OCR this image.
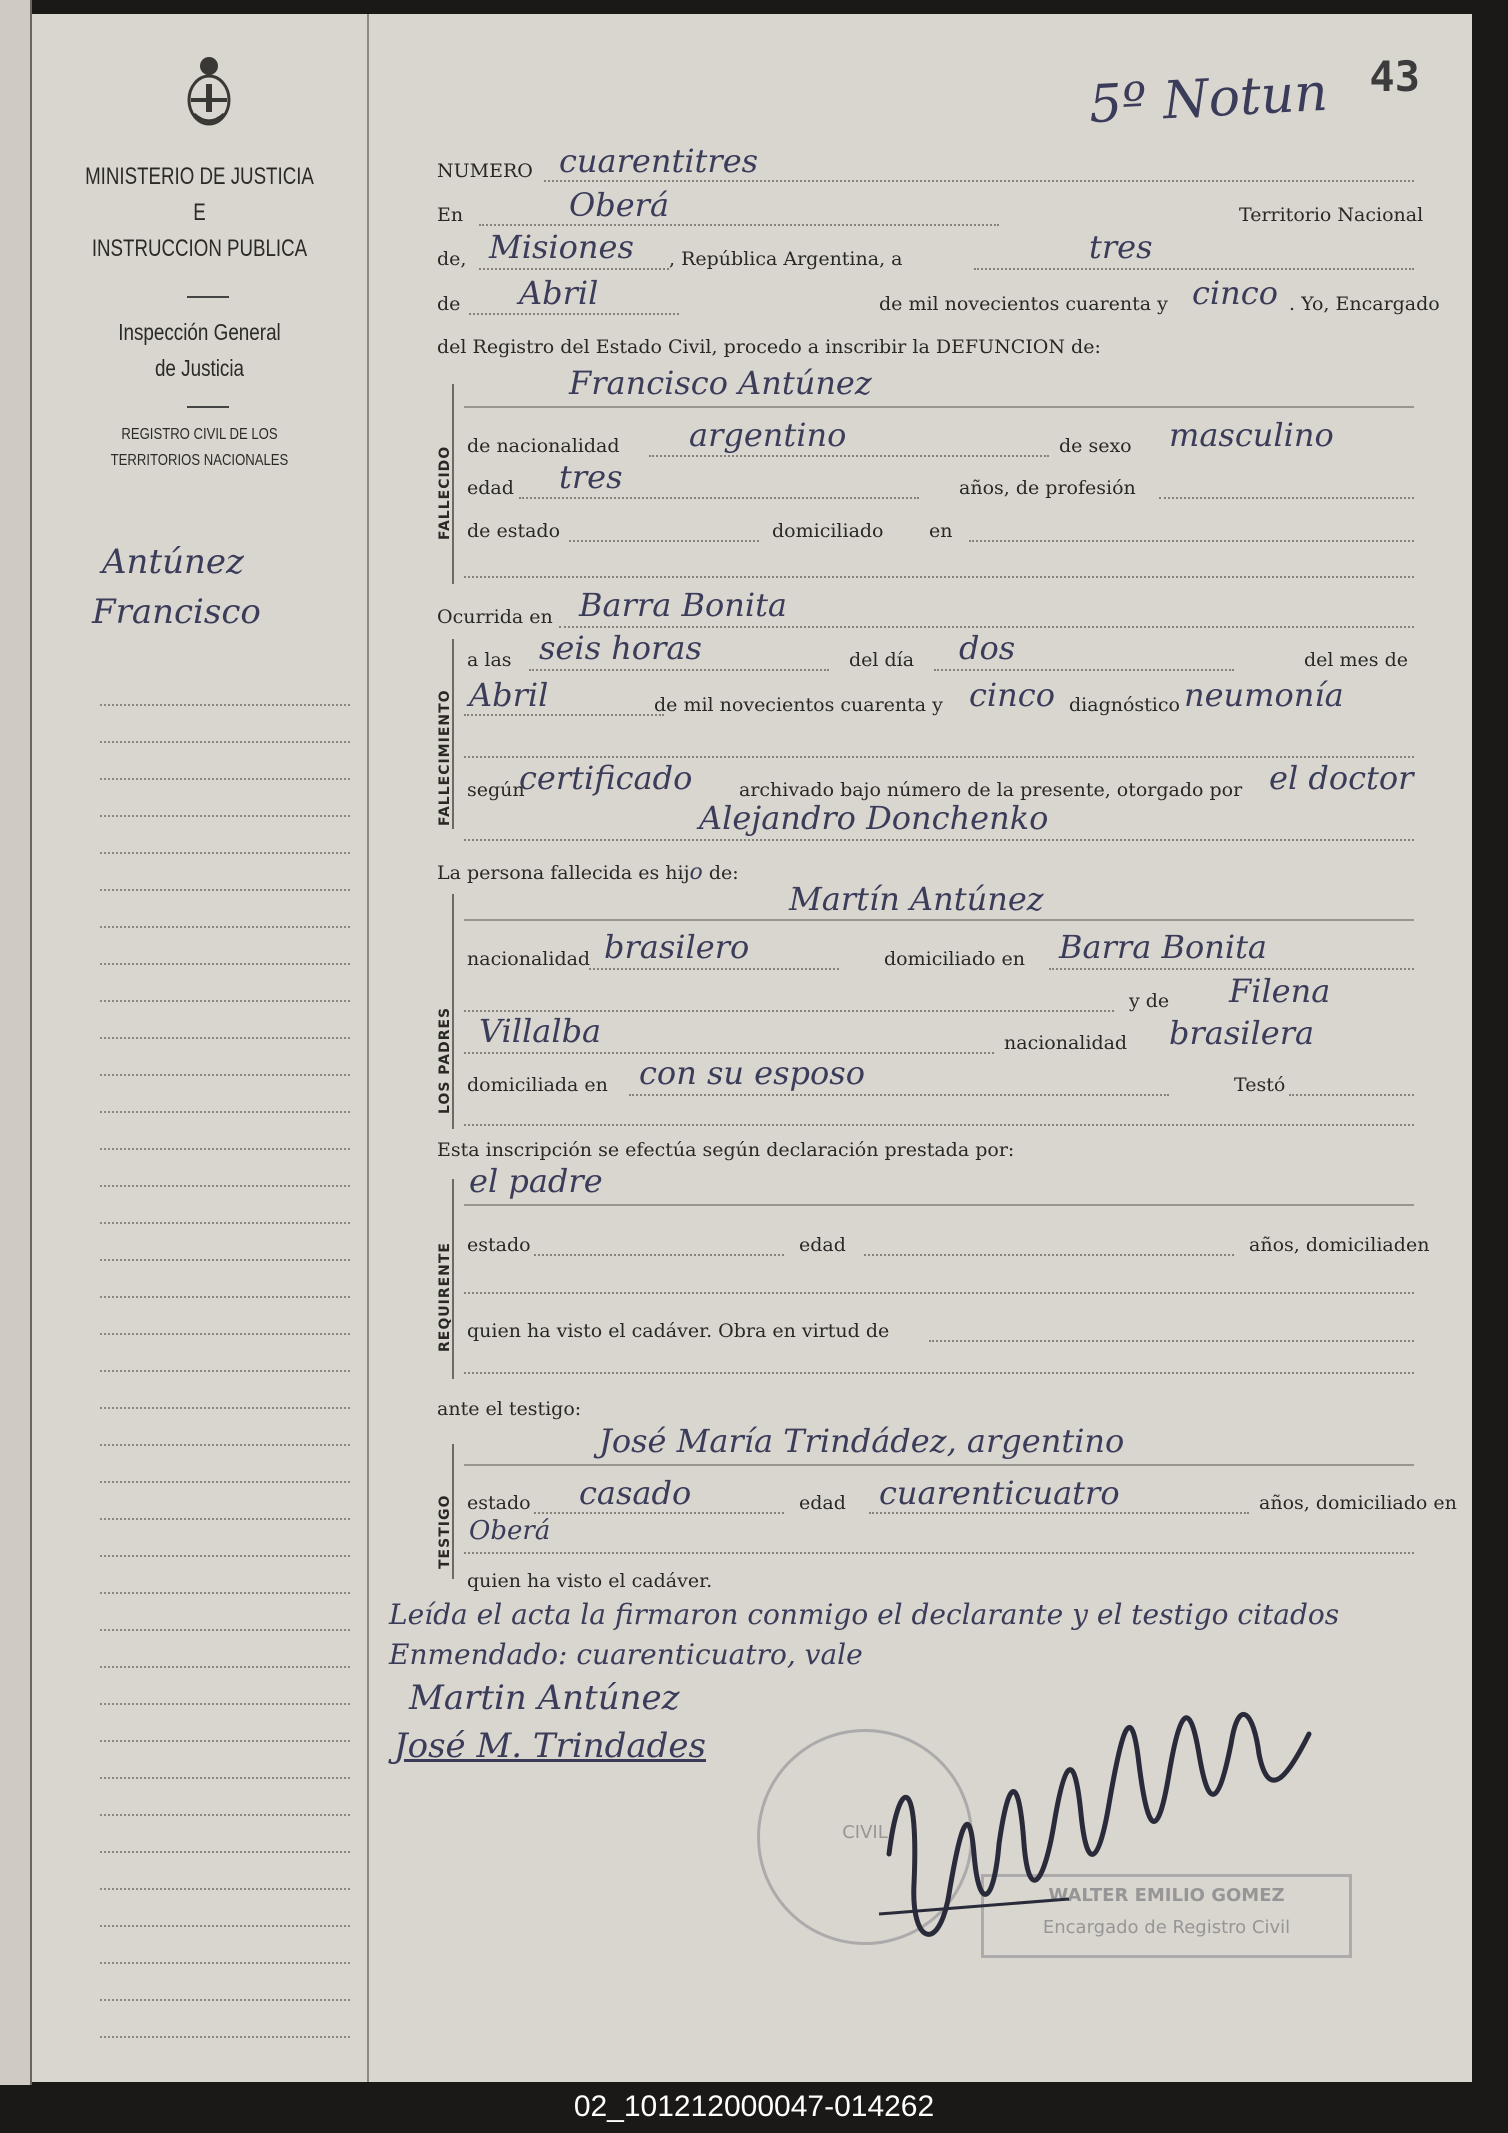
MINISTERIO DE JUSTICIA
E
INSTRUCCION PUBLICA
Inspección General
de Justicia
REGISTRO CIVIL DE LOS
TERRITORIOS NACIONALES
Antúnez
Francisco
43
5º Notun
NUMERO cuarentitres
En	Oberá	Territorio Nacional
de, Misiones , República Argentina, a	tres
de Abril	de mil novecientos cuarenta y cinco . Yo, Encargado
del Registro del Estado Civil, procedo a inscribir la DEFUNCION de:
FALLECIDO
Francisco Antúnez
de nacionalidad argentino	de sexo masculino
edad tres	años, de profesión
de estado	domiciliado en
Ocurrida en Barra Bonita
FALLECIMIENTO
a las seis horas	del día dos	del mes de
Abril	de mil novecientos cuarenta y cinco diagnóstico neumonía
según
certificado archivado bajo número de la presente, otorgado por el doctor
Alejandro Donchenko
La persona fallecida es hijo de:
LOS PADRES
Martín Antúnez
nacionalidad brasilero	domiciliado en Barra Bonita
y de Filena
Villalba	nacionalidad brasilera
domiciliada en con su esposo	Testó
Esta inscripción se efectúa según declaración prestada por:
REQUIRENTE
el padre
estado	edad	años, domiciliad en
quien ha visto el cadáver. Obra en virtud de
ante el testigo:
TESTIGO
José María Trindádez, argentino
estado casado	edad cuarenticuatro	años, domiciliado en
Oberá
quien ha visto el cadáver.
Leída el acta la firmaron conmigo el declarante y el testigo citados
Enmendado: cuarenticuatro, vale
Martin Antúnez
José M. Trindades
CIVIL
WALTER EMILIO GOMEZ
Encargado de Registro Civil
02_101212000047-014262
